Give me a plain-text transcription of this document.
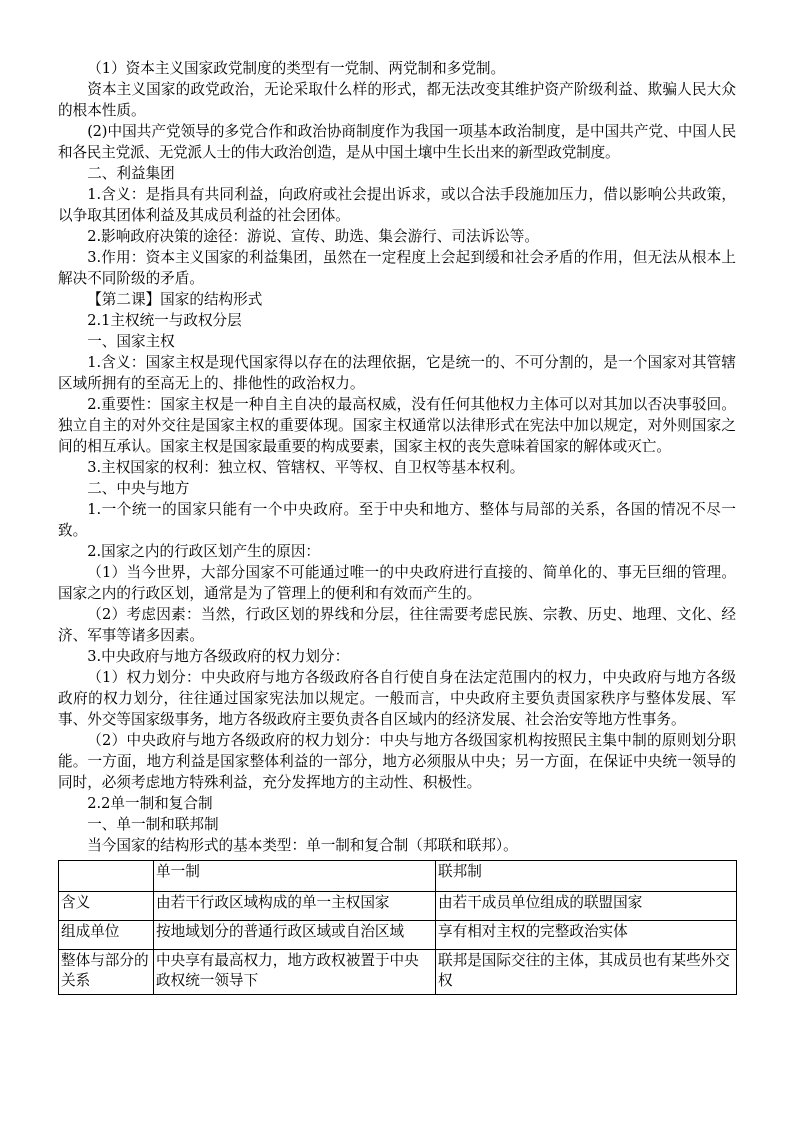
（1）资本主义国家政党制度的类型有一党制、两党制和多党制。

资本主义国家的政党政治，无论采取什么样的形式，都无法改变其维护资产阶级利益、欺骗人民大众的根本性质。

(2)中国共产党领导的多党合作和政治协商制度作为我国一项基本政治制度，是中国共产党、中国人民和各民主党派、无党派人士的伟大政治创造，是从中国土壤中生长出来的新型政党制度。

二、利益集团

1.含义：是指具有共同利益，向政府或社会提出诉求，或以合法手段施加压力，借以影响公共政策，以争取其团体利益及其成员利益的社会团体。

2.影响政府决策的途径：游说、宣传、助选、集会游行、司法诉讼等。

3.作用：资本主义国家的利益集团，虽然在一定程度上会起到缓和社会矛盾的作用，但无法从根本上解决不同阶级的矛盾。

【第二课】国家的结构形式

2.1主权统一与政权分层

一、国家主权

1.含义：国家主权是现代国家得以存在的法理依据，它是统一的、不可分割的，是一个国家对其管辖区域所拥有的至高无上的、排他性的政治权力。

2.重要性：国家主权是一种自主自决的最高权威，没有任何其他权力主体可以对其加以否决事驳回。独立自主的对外交往是国家主权的重要体现。国家主权通常以法律形式在宪法中加以规定，对外则国家之间的相互承认。国家主权是国家最重要的构成要素，国家主权的丧失意味着国家的解体或灭亡。

3.主权国家的权利：独立权、管辖权、平等权、自卫权等基本权利。

二、中央与地方

1.一个统一的国家只能有一个中央政府。至于中央和地方、整体与局部的关系，各国的情况不尽一致。

2.国家之内的行政区划产生的原因：

（1）当今世界，大部分国家不可能通过唯一的中央政府进行直接的、简单化的、事无巨细的管理。国家之内的行政区划，通常是为了管理上的便利和有效而产生的。

（2）考虑因素：当然，行政区划的界线和分层，往往需要考虑民族、宗教、历史、地理、文化、经济、军事等诸多因素。

3.中央政府与地方各级政府的权力划分：

（1）权力划分：中央政府与地方各级政府各自行使自身在法定范围内的权力，中央政府与地方各级政府的权力划分，往往通过国家宪法加以规定。一般而言，中央政府主要负责国家秩序与整体发展、军事、外交等国家级事务，地方各级政府主要负责各自区域内的经济发展、社会治安等地方性事务。

（2）中央政府与地方各级政府的权力划分：中央与地方各级国家机构按照民主集中制的原则划分职能。一方面，地方利益是国家整体利益的一部分，地方必须服从中央；另一方面，在保证中央统一领导的同时，必须考虑地方特殊利益，充分发挥地方的主动性、积极性。

2.2单一制和复合制

一、单一制和联邦制

当今国家的结构形式的基本类型：单一制和复合制（邦联和联邦）。

	单一制	联邦制
含义	由若干行政区域构成的单一主权国家	由若干成员单位组成的联盟国家
组成单位	按地域划分的普通行政区域或自治区域	享有相对主权的完整政治实体
整体与部分的关系	中央享有最高权力，地方政权被置于中央政权统一领导下	联邦是国际交往的主体，其成员也有某些外交权
